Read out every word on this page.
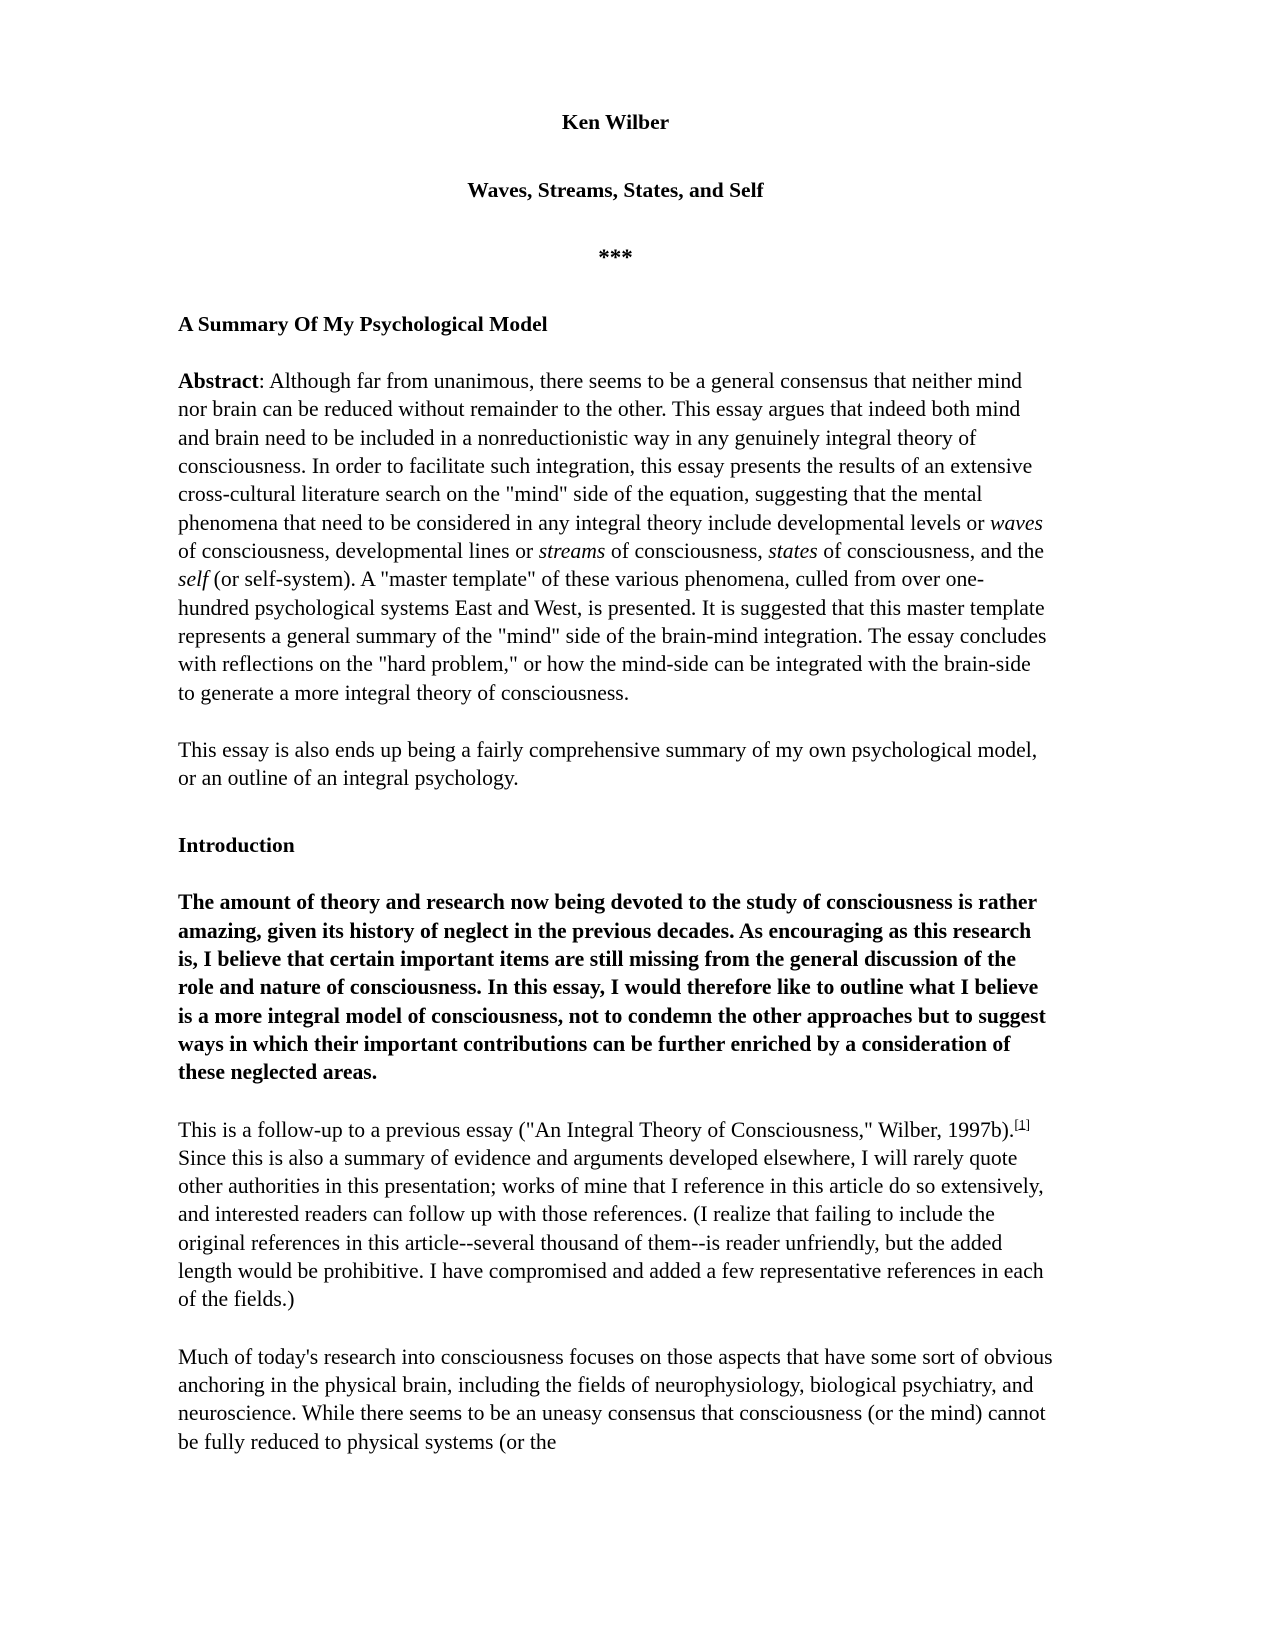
Ken Wilber
Waves, Streams, States, and Self
***
A Summary Of My Psychological Model

Abstract: Although far from unanimous, there seems to be a general consensus that neither mind nor brain can be reduced without remainder to the other. This essay argues that indeed both mind and brain need to be included in a nonreductionistic way in any genuinely integral theory of consciousness. In order to facilitate such integration, this essay presents the results of an extensive cross-cultural literature search on the "mind" side of the equation, suggesting that the mental phenomena that need to be considered in any integral theory include developmental levels or waves of consciousness, developmental lines or streams of consciousness, states of consciousness, and the self (or self-system). A "master template" of these various phenomena, culled from over one-hundred psychological systems East and West, is presented. It is suggested that this master template represents a general summary of the "mind" side of the brain-mind integration. The essay concludes with reflections on the "hard problem," or how the mind-side can be integrated with the brain-side to generate a more integral theory of consciousness.

This essay is also ends up being a fairly comprehensive summary of my own psychological model, or an outline of an integral psychology.

Introduction

The amount of theory and research now being devoted to the study of consciousness is rather amazing, given its history of neglect in the previous decades. As encouraging as this research is, I believe that certain important items are still missing from the general discussion of the role and nature of consciousness. In this essay, I would therefore like to outline what I believe is a more integral model of consciousness, not to condemn the other approaches but to suggest ways in which their important contributions can be further enriched by a consideration of these neglected areas.

This is a follow-up to a previous essay ("An Integral Theory of Consciousness," Wilber, 1997b).[1] Since this is also a summary of evidence and arguments developed elsewhere, I will rarely quote other authorities in this presentation; works of mine that I reference in this article do so extensively, and interested readers can follow up with those references. (I realize that failing to include the original references in this article--several thousand of them--is reader unfriendly, but the added length would be prohibitive. I have compromised and added a few representative references in each of the fields.)

Much of today's research into consciousness focuses on those aspects that have some sort of obvious anchoring in the physical brain, including the fields of neurophysiology, biological psychiatry, and neuroscience. While there seems to be an uneasy consensus that consciousness (or the mind) cannot be fully reduced to physical systems (or the
